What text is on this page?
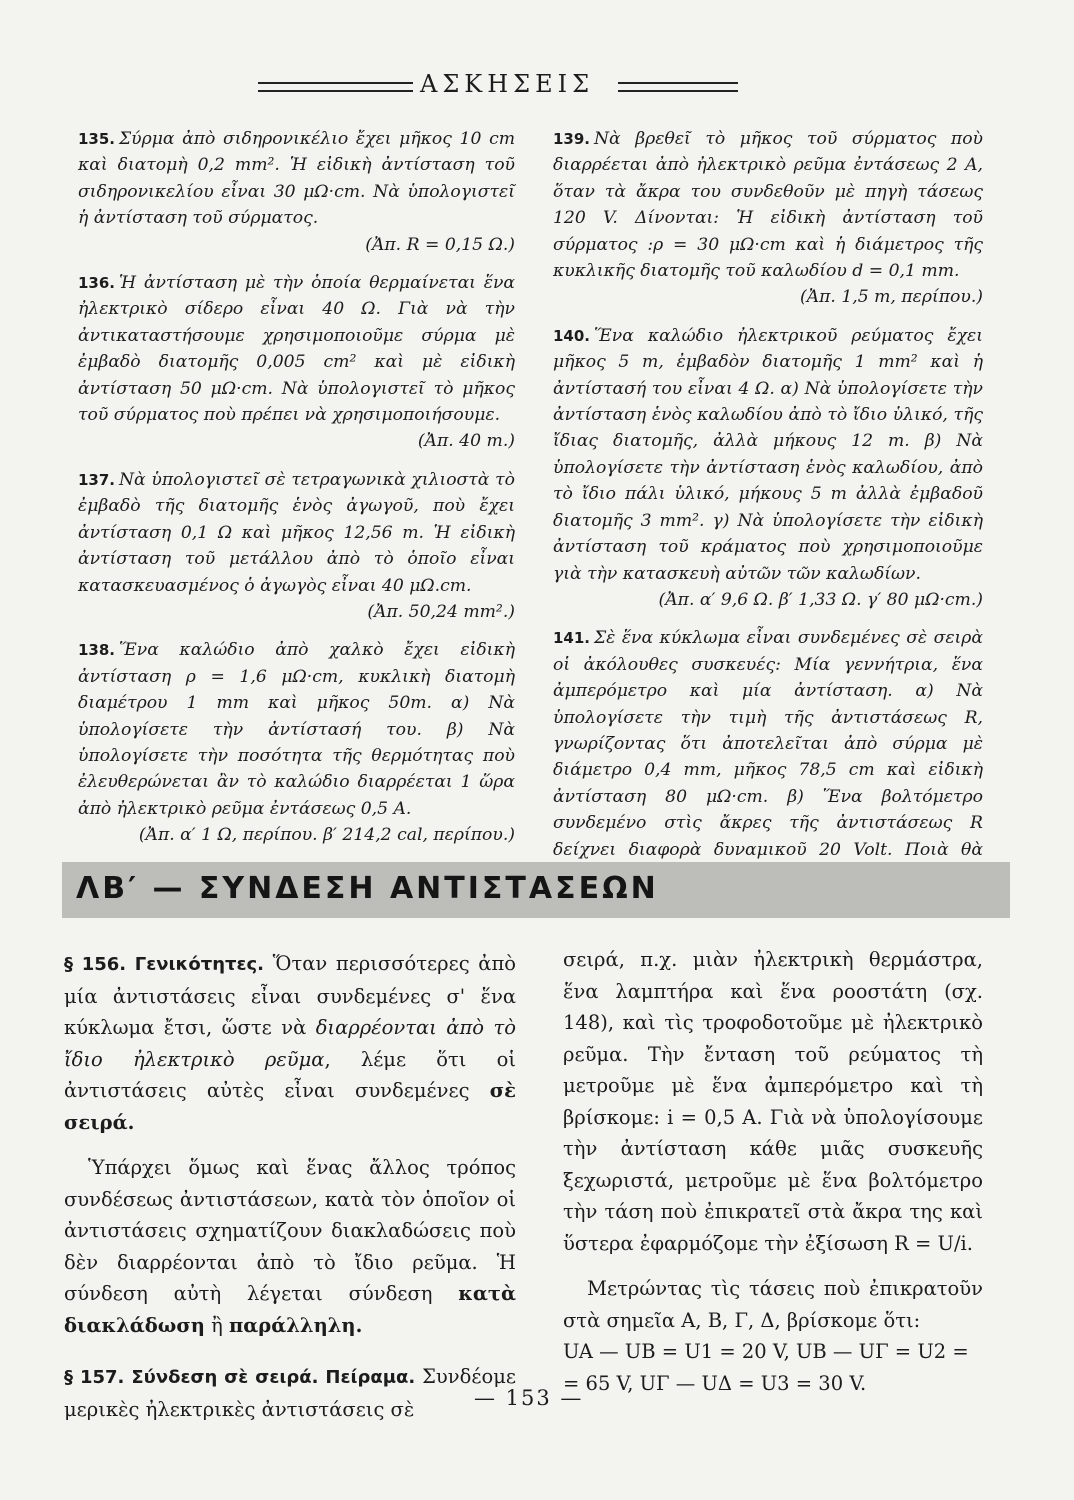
ΑΣΚΗΣΕΙΣ
135. Σύρμα ἀπὸ σιδηρονικέλιο ἔχει μῆκος 10 cm καὶ διατομὴ 0,2 mm². Ἡ εἰδικὴ ἀντίσταση τοῦ σιδηρονικελίου εἶναι 30 μΩ·cm. Νὰ ὑπολογιστεῖ ἡ ἀντίσταση τοῦ σύρματος.
(Ἀπ. R = 0,15 Ω.)
136. Ἡ ἀντίσταση μὲ τὴν ὁποία θερμαίνεται ἕνα ἠλεκτρικὸ σίδερο εἶναι 40 Ω. Γιὰ νὰ τὴν ἀντικαταστήσουμε χρησιμοποιοῦμε σύρμα μὲ ἐμβαδὸ διατομῆς 0,005 cm² καὶ μὲ εἰδικὴ ἀντίσταση 50 μΩ·cm. Νὰ ὑπολογιστεῖ τὸ μῆκος τοῦ σύρματος ποὺ πρέπει νὰ χρησιμοποιήσουμε.
(Ἀπ. 40 m.)
137. Νὰ ὑπολογιστεῖ σὲ τετραγωνικὰ χιλιοστὰ τὸ ἐμβαδὸ τῆς διατομῆς ἑνὸς ἀγωγοῦ, ποὺ ἔχει ἀντίσταση 0,1 Ω καὶ μῆκος 12,56 m. Ἡ εἰδικὴ ἀντίσταση τοῦ μετάλλου ἀπὸ τὸ ὁποῖο εἶναι κατασκευασμένος ὁ ἀγωγὸς εἶναι 40 μΩ.cm.
(Ἀπ. 50,24 mm².)
138. Ἕνα καλώδιο ἀπὸ χαλκὸ ἔχει εἰδικὴ ἀντίσταση ρ = 1,6 μΩ·cm, κυκλικὴ διατομὴ διαμέτρου 1 mm καὶ μῆκος 50m. α) Νὰ ὑπολογίσετε τὴν ἀντίστασή του. β) Νὰ ὑπολογίσετε τὴν ποσότητα τῆς θερμότητας ποὺ ἐλευθερώνεται ἂν τὸ καλώδιο διαρρέεται 1 ὥρα ἀπὸ ἠλεκτρικὸ ρεῦμα ἐντάσεως 0,5 A.
(Ἀπ. α′ 1 Ω, περίπου. β′ 214,2 cal, περίπου.)
139. Νὰ βρεθεῖ τὸ μῆκος τοῦ σύρματος ποὺ διαρρέεται ἀπὸ ἠλεκτρικὸ ρεῦμα ἐντάσεως 2 A, ὅταν τὰ ἄκρα του συνδεθοῦν μὲ πηγὴ τάσεως 120 V. Δίνονται: Ἡ εἰδικὴ ἀντίσταση τοῦ σύρματος :ρ = 30 μΩ·cm καὶ ἡ διάμετρος τῆς κυκλικῆς διατομῆς τοῦ καλωδίου d = 0,1 mm.
(Ἀπ. 1,5 m, περίπου.)
140. Ἕνα καλώδιο ἠλεκτρικοῦ ρεύματος ἔχει μῆκος 5 m, ἐμβαδὸν διατομῆς 1 mm² καὶ ἡ ἀντίστασή του εἶναι 4 Ω. α) Νὰ ὑπολογίσετε τὴν ἀντίσταση ἑνὸς καλωδίου ἀπὸ τὸ ἴδιο ὑλικό, τῆς ἴδιας διατομῆς, ἀλλὰ μήκους 12 m. β) Νὰ ὑπολογίσετε τὴν ἀντίσταση ἑνὸς καλωδίου, ἀπὸ τὸ ἴδιο πάλι ὑλικό, μήκους 5 m ἀλλὰ ἐμβαδοῦ διατομῆς 3 mm². γ) Νὰ ὑπολογίσετε τὴν εἰδικὴ ἀντίσταση τοῦ κράματος ποὺ χρησιμοποιοῦμε γιὰ τὴν κατασκευὴ αὐτῶν τῶν καλωδίων.
(Ἀπ. α′ 9,6 Ω. β′ 1,33 Ω. γ′ 80 μΩ·cm.)
141. Σὲ ἕνα κύκλωμα εἶναι συνδεμένες σὲ σειρὰ οἱ ἀκόλουθες συσκευές: Μία γεννήτρια, ἕνα ἀμπερόμετρο καὶ μία ἀντίσταση. α) Νὰ ὑπολογίσετε τὴν τιμὴ τῆς ἀντιστάσεως R, γνωρίζοντας ὅτι ἀποτελεῖται ἀπὸ σύρμα μὲ διάμετρο 0,4 mm, μῆκος 78,5 cm καὶ εἰδικὴ ἀντίσταση 80 μΩ·cm. β) Ἕνα βολτόμετρο συνδεμένο στὶς ἄκρες τῆς ἀντιστάσεως R δείχνει διαφορὰ δυναμικοῦ 20 Volt. Ποιὰ θὰ
ΛΒ′ — ΣΥΝΔΕΣΗ ΑΝΤΙΣΤΑΣΕΩΝ

§ 156. Γενικότητες. Ὅταν περισσότερες ἀπὸ μία ἀντιστάσεις εἶναι συνδεμένες σ' ἕνα κύκλωμα ἔτσι, ὥστε νὰ διαρρέονται ἀπὸ τὸ ἴδιο ἠλεκτρικὸ ρεῦμα, λέμε ὅτι οἱ ἀντιστάσεις αὐτὲς εἶναι συνδεμένες σὲ σειρά.

Ὑπάρχει ὅμως καὶ ἕνας ἄλλος τρόπος συνδέσεως ἀντιστάσεων, κατὰ τὸν ὁποῖον οἱ ἀντιστάσεις σχηματίζουν διακλαδώσεις ποὺ δὲν διαρρέονται ἀπὸ τὸ ἴδιο ρεῦμα. Ἡ σύνδεση αὐτὴ λέγεται σύνδεση κατὰ διακλάδωση ἢ παράλληλη.

§ 157. Σύνδεση σὲ σειρά. Πείραμα. Συνδέομε μερικὲς ἠλεκτρικὲς ἀντιστάσεις σὲ

σειρά, π.χ. μιὰν ἠλεκτρικὴ θερμάστρα, ἕνα λαμπτήρα καὶ ἕνα ροοστάτη (σχ. 148), καὶ τὶς τροφοδοτοῦμε μὲ ἠλεκτρικὸ ρεῦμα. Τὴν ἔνταση τοῦ ρεύματος τὴ μετροῦμε μὲ ἕνα ἀμπερόμετρο καὶ τὴ βρίσκομε: i = 0,5 A. Γιὰ νὰ ὑπολογίσουμε τὴν ἀντίσταση κάθε μιᾶς συσκευῆς ξεχωριστά, μετροῦμε μὲ ἕνα βολτόμετρο τὴν τάση ποὺ ἐπικρατεῖ στὰ ἄκρα της καὶ ὕστερα ἐφαρμόζομε τὴν ἐξίσωση R = U/i.

Μετρώντας τὶς τάσεις ποὺ ἐπικρατοῦν στὰ σημεῖα A, B, Γ, Δ, βρίσκομε ὅτι:

UA — UB = U1 = 20 V, UB — UΓ = U2 =
= 65 V, UΓ — UΔ = U3 = 30 V.
— 153 —
